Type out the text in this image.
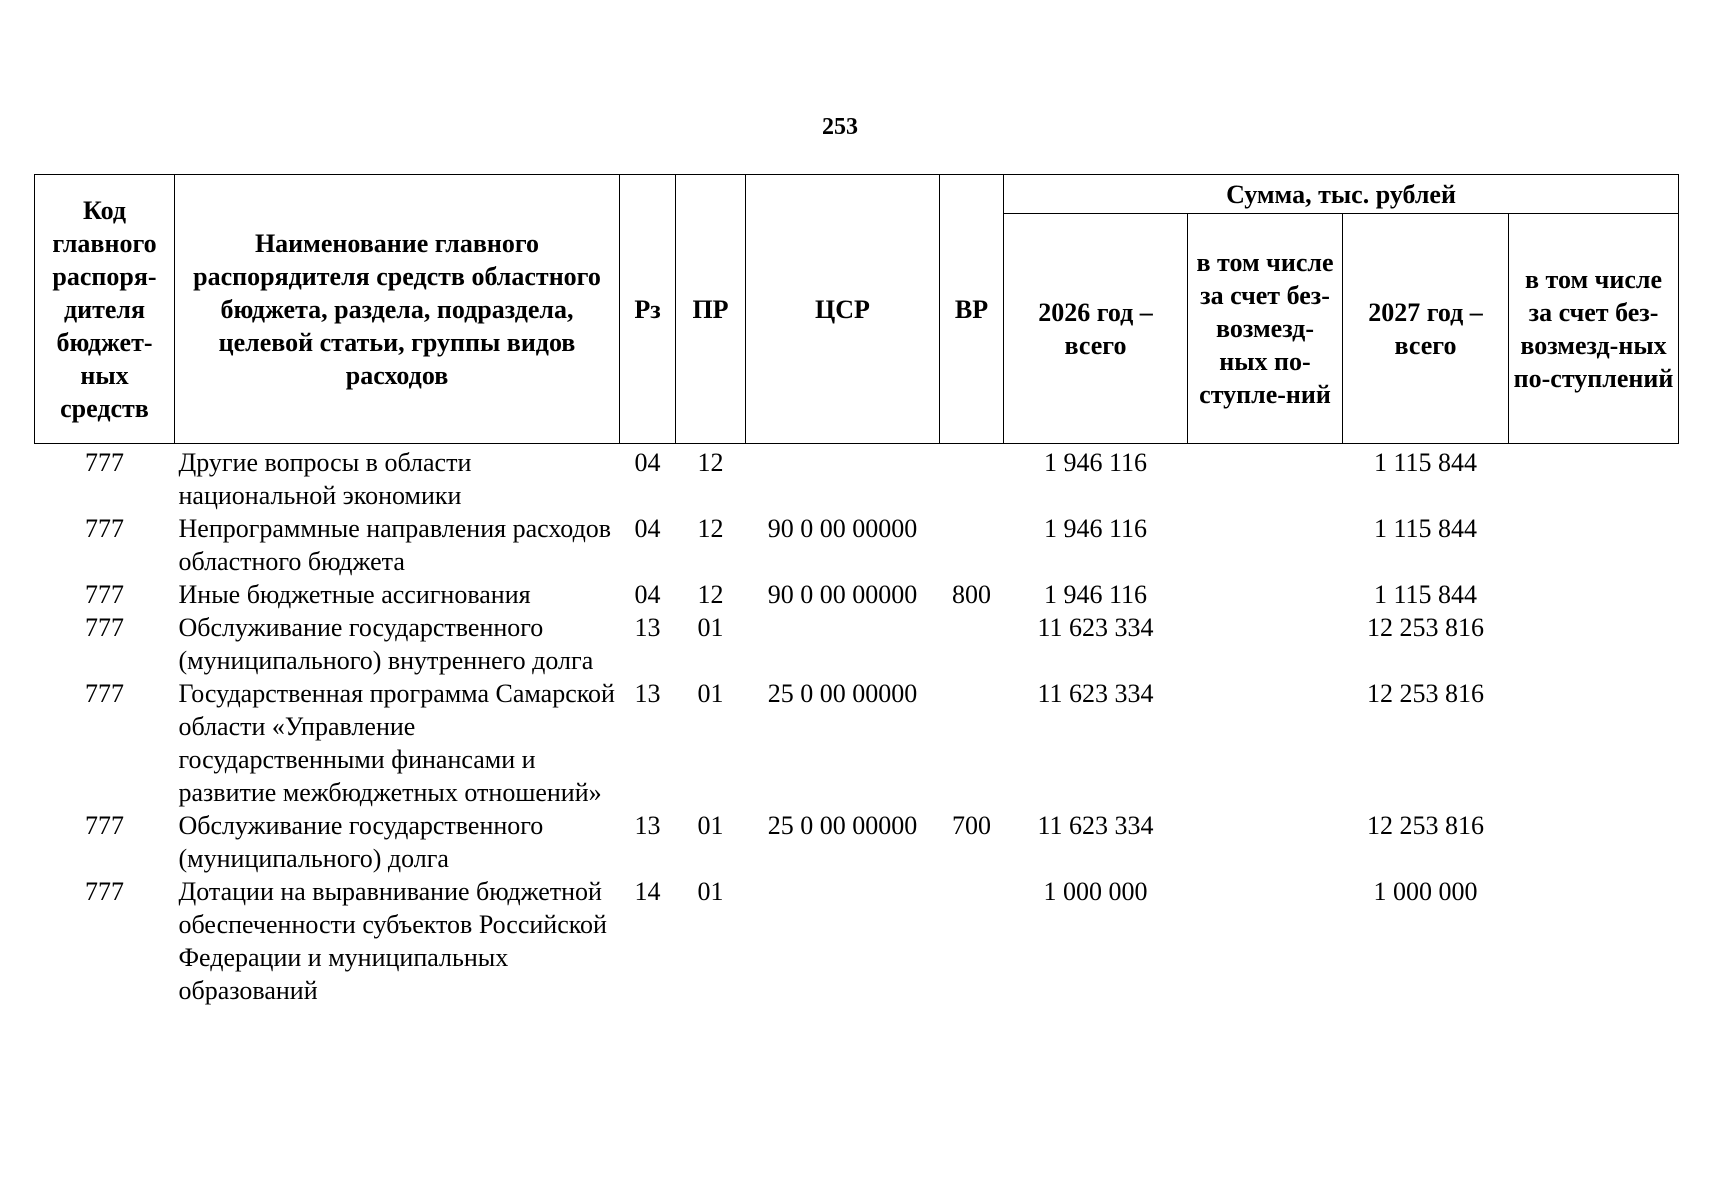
253
Код главного распоря-дителя бюджет-ных средств	Наименование главного распорядителя средств областного бюджета, раздела, подраздела, целевой статьи, группы видов расходов	Рз	ПР	ЦСР	ВР	Сумма, тыс. рублей			
						2026 год – всего	в том числе за счет без-возмезд-ных по-ступле-ний	2027 год – всего	в том числе за счет без-возмезд-ных по-ступлений
777	Другие вопросы в области национальной экономики	04	12			1 946 116		1 115 844	
777	Непрограммные направления расходов областного бюджета	04	12	90 0 00 00000		1 946 116		1 115 844	
777	Иные бюджетные ассигнования	04	12	90 0 00 00000	800	1 946 116		1 115 844	
777	Обслуживание государственного (муниципального) внутреннего долга	13	01			11 623 334		12 253 816	
777	Государственная программа Самарской области «Управление государственными финансами и развитие межбюджетных отношений»	13	01	25 0 00 00000		11 623 334		12 253 816	
777	Обслуживание государственного (муниципального) долга	13	01	25 0 00 00000	700	11 623 334		12 253 816	
777	Дотации на выравнивание бюджетной обеспеченности субъектов Российской Федерации и муниципальных образований	14	01			1 000 000		1 000 000	
